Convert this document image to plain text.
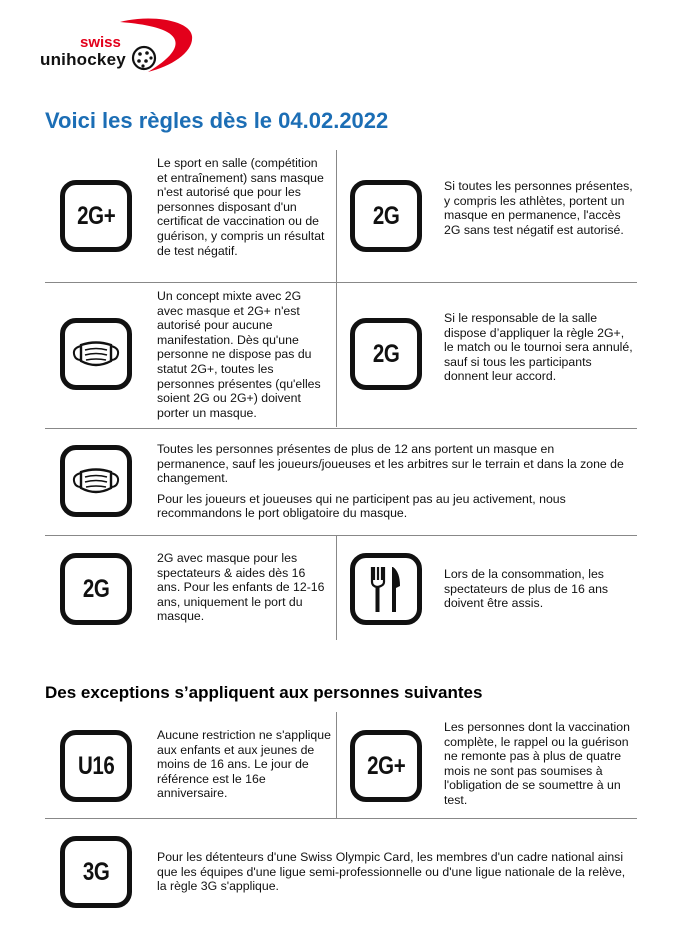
swiss
unihockey
Voici les règles dès le 04.02.2022
2G+

Le sport en salle (compétition et entraînement) sans masque n'est autorisé que pour les personnes disposant d'un certificat de vaccination ou de guérison, y compris un résultat de test négatif.

2G

Si toutes les personnes présentes, y compris les athlètes, portent un masque en permanence, l'accès 2G sans test négatif est autorisé.

Un concept mixte avec 2G avec masque et 2G+ n'est autorisé pour aucune manifestation. Dès qu'une personne ne dispose pas du statut 2G+, toutes les personnes présentes (qu'elles soient 2G ou 2G+) doivent porter un masque.

2G

Si le responsable de la salle dispose d’appliquer la règle 2G+, le match ou le tournoi sera annulé, sauf si tous les participants donnent leur accord.

Toutes les personnes présentes de plus de 12 ans portent un masque en permanence, sauf les joueurs/joueuses et les arbitres sur le terrain et dans la zone de changement.

Pour les joueurs et joueuses qui ne participent pas au jeu activement, nous recommandons le port obligatoire du masque.

2G

2G avec masque pour les spectateurs & aides dès 16 ans. Pour les enfants de 12-16 ans, uniquement le port du masque.

Lors de la consommation, les spectateurs de plus de 16 ans doivent être assis.

Des exceptions s’appliquent aux personnes suivantes
U16

Aucune restriction ne s'applique aux enfants et aux jeunes de moins de 16 ans. Le jour de référence est le 16e anniversaire.

2G+

Les personnes dont la vaccination complète, le rappel ou la guérison ne remonte pas à plus de quatre mois ne sont pas soumises à l'obligation de se soumettre à un test.

3G

Pour les détenteurs d'une Swiss Olympic Card, les membres d'un cadre national ainsi que les équipes d'une ligue semi-professionnelle ou d'une ligue nationale de la relève, la règle 3G s'applique.
